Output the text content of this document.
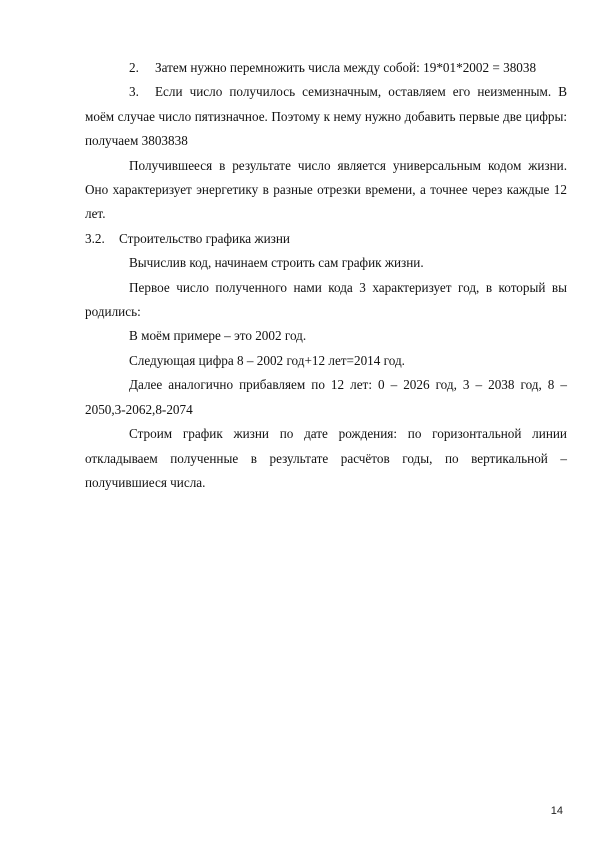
2. Затем нужно перемножить числа между собой: 19*01*2002 = 38038

3. Если число получилось семизначным, оставляем его неизменным. В моём случае число пятизначное. Поэтому к нему нужно добавить первые две цифры: получаем 3803838

Получившееся в результате число является универсальным кодом жизни. Оно характеризует энергетику в разные отрезки времени, а точнее через каждые 12 лет.

3.2. Строительство графика жизни

Вычислив код, начинаем строить сам график жизни.

Первое число полученного нами кода 3 характеризует год, в который вы родились:

В моём примере – это 2002 год.

Следующая цифра 8 – 2002 год+12 лет=2014 год.

Далее аналогично прибавляем по 12 лет: 0 – 2026 год, 3 – 2038 год, 8 – 2050,3-2062,8-2074

Строим график жизни по дате рождения: по горизонтальной линии откладываем полученные в результате расчётов годы, по вертикальной – получившиеся числа.

14
